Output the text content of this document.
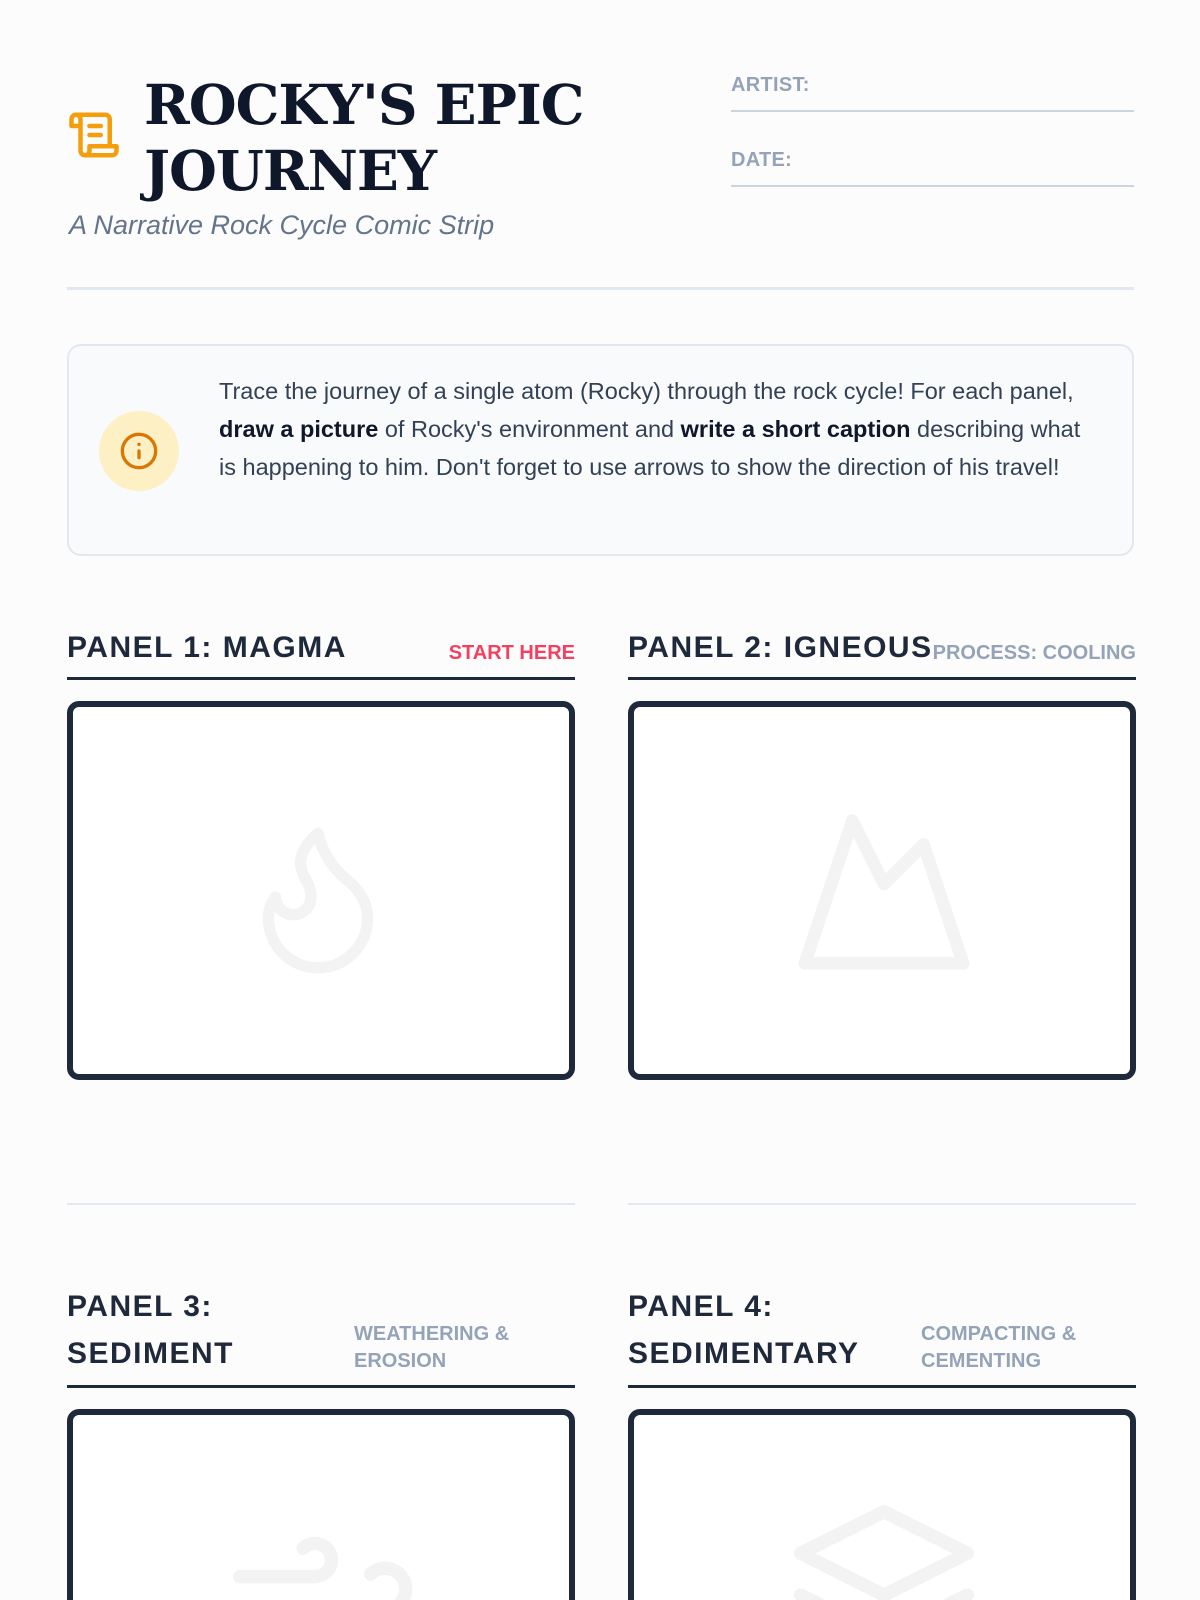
ROCKY'S EPIC JOURNEY
A Narrative Rock Cycle Comic Strip
ARTIST:
DATE:

Trace the journey of a single atom (Rocky) through the rock cycle! For each panel, draw a picture of Rocky's environment and write a short caption describing what is happening to him. Don't forget to use arrows to show the direction of his travel!

PANEL 1: MAGMA	START HERE PANEL 2: IGNEOUS PROCESS: COOLING
PANEL 3: SEDIMENT
WEATHERING & EROSION
PANEL 4: SEDIMENTARY
COMPACTING & CEMENTING
